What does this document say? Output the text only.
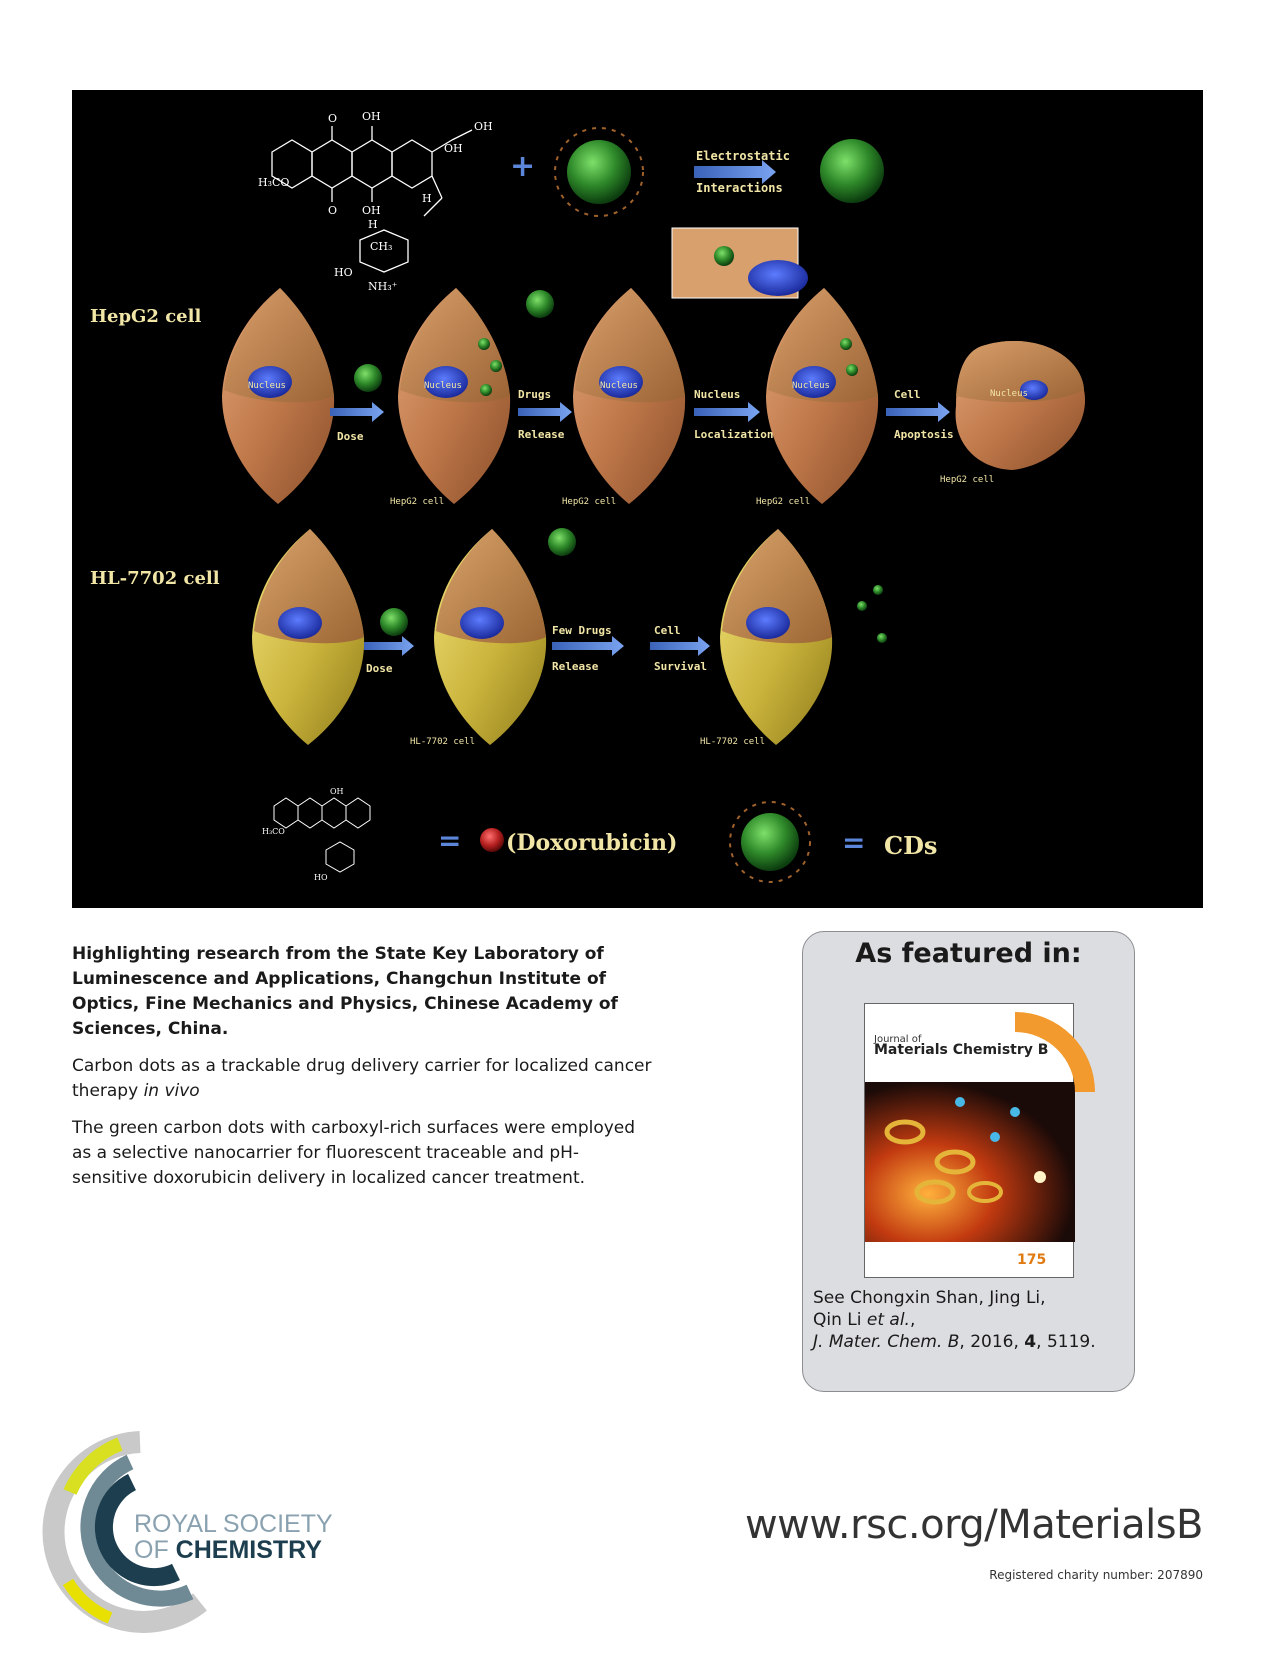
O OH
OH
OH
O OH
H₃CO
H
H
CH₃
HO
NH₃⁺
+	Electrostatic
Interactions
HepG2 cell
HL-7702 cell
Nucleus	Nucleus	Nucleus	Nucleus
Nucleus
Dose
Drugs
Release
Nucleus
Localization
Cell
Apoptosis
HepG2 cell	HepG2 cell	HepG2 cell
HepG2 cell
Dose
Few Drugs
Release
Cell
Survival
HL-7702 cell	HL-7702 cell
H₃CO
OH
HO
= (Doxorubicin)	= CDs

Highlighting research from the State Key Laboratory of Luminescence and Applications, Changchun Institute of Optics, Fine Mechanics and Physics, Chinese Academy of Sciences, China.

Carbon dots as a trackable drug delivery carrier for localized cancer therapy in vivo

The green carbon dots with carboxyl-rich surfaces were employed as a selective nanocarrier for fluorescent traceable and pH-sensitive doxorubicin delivery in localized cancer treatment.

As featured in:
Journal of
Materials Chemistry B
175
See Chongxin Shan, Jing Li,
Qin Li et al.,
J. Mater. Chem. B, 2016, 4, 5119.
ROYAL SOCIETY
OF CHEMISTRY
www.rsc.org/MaterialsB
Registered charity number: 207890
